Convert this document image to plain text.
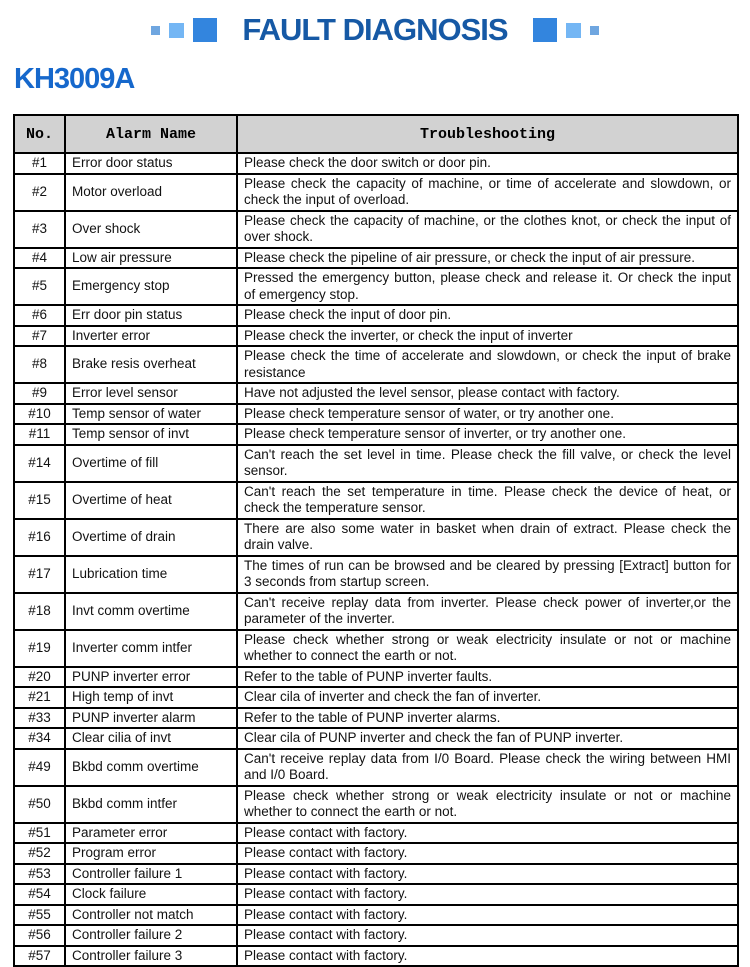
FAULT DIAGNOSIS
KH3009A
No.	Alarm Name	Troubleshooting
#1	Error door status	Please check the door switch or door pin.
#2	Motor overload	Please check the capacity of machine, or time of accelerate and slowdown, or check the input of overload.
#3	Over shock	Please check the capacity of machine, or the clothes knot, or check the input of over shock.
#4	Low air pressure	Please check the pipeline of air pressure, or check the input of air pressure.
#5	Emergency stop	Pressed the emergency button, please check and release it. Or check the input of emergency stop.
#6	Err door pin status	Please check the input of door pin.
#7	Inverter error	Please check the inverter, or check the input of inverter
#8	Brake resis overheat	Please check the time of accelerate and slowdown, or check the input of brake resistance
#9	Error level sensor	Have not adjusted the level sensor, please contact with factory.
#10	Temp sensor of water	Please check temperature sensor of water, or try another one.
#11	Temp sensor of invt	Please check temperature sensor of inverter, or try another one.
#14	Overtime of fill	Can't reach the set level in time. Please check the fill valve, or check the level sensor.
#15	Overtime of heat	Can't reach the set temperature in time. Please check the device of heat, or check the temperature sensor.
#16	Overtime of drain	There are also some water in basket when drain of extract. Please check the drain valve.
#17	Lubrication time	The times of run can be browsed and be cleared by pressing [Extract] button for 3 seconds from startup screen.
#18	Invt comm overtime	Can't receive replay data from inverter. Please check power of inverter,or the parameter of the inverter.
#19	Inverter comm intfer	Please check whether strong or weak electricity insulate or not or machine whether to connect the earth or not.
#20	PUNP inverter error	Refer to the table of PUNP inverter faults.
#21	High temp of invt	Clear cila of inverter and check the fan of inverter.
#33	PUNP inverter alarm	Refer to the table of PUNP inverter alarms.
#34	Clear cilia of invt	Clear cila of PUNP inverter and check the fan of PUNP inverter.
#49	Bkbd comm overtime	Can't receive replay data from I/0 Board. Please check the wiring between HMI and I/0 Board.
#50	Bkbd comm intfer	Please check whether strong or weak electricity insulate or not or machine whether to connect the earth or not.
#51	Parameter error	Please contact with factory.
#52	Program error	Please contact with factory.
#53	Controller failure 1	Please contact with factory.
#54	Clock failure	Please contact with factory.
#55	Controller not match	Please contact with factory.
#56	Controller failure 2	Please contact with factory.
#57	Controller failure 3	Please contact with factory.
